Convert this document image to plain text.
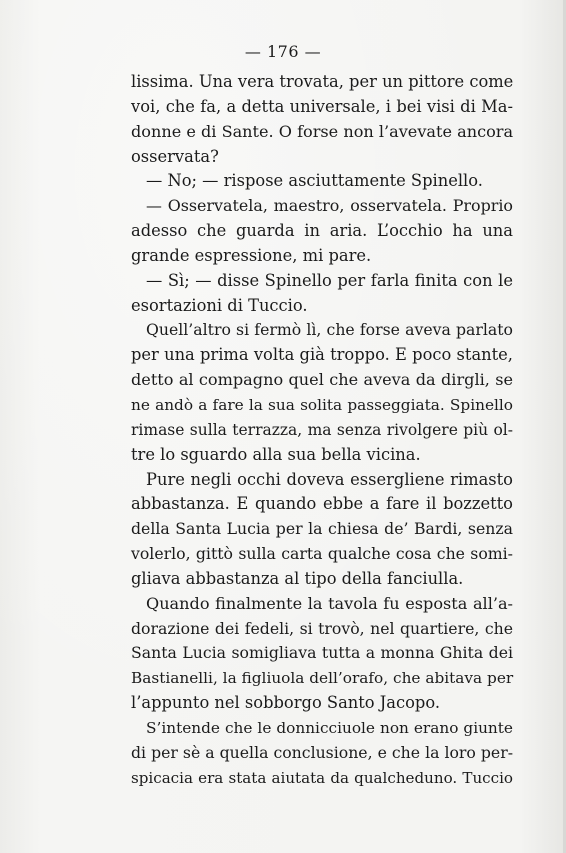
— 176 —
lissima. Una vera trovata, per un pittore come
voi, che fa, a detta universale, i bei visi di Ma-
donne e di Sante. O forse non l’avevate ancora
osservata?
— No; — rispose asciuttamente Spinello.
— Osservatela, maestro, osservatela. Proprio
adesso che guarda in aria. L’occhio ha una
grande espressione, mi pare.
— Sì; — disse Spinello per farla finita con le
esortazioni di Tuccio.
Quell’altro si fermò lì, che forse aveva parlato
per una prima volta già troppo. E poco stante,
detto al compagno quel che aveva da dirgli, se
ne andò a fare la sua solita passeggiata. Spinello
rimase sulla terrazza, ma senza rivolgere più ol-
tre lo sguardo alla sua bella vicina.
Pure negli occhi doveva essergliene rimasto
abbastanza. E quando ebbe a fare il bozzetto
della Santa Lucia per la chiesa de’ Bardi, senza
volerlo, gittò sulla carta qualche cosa che somi-
gliava abbastanza al tipo della fanciulla.
Quando finalmente la tavola fu esposta all’a-
dorazione dei fedeli, si trovò, nel quartiere, che
Santa Lucia somigliava tutta a monna Ghita dei
Bastianelli, la figliuola dell’orafo, che abitava per
l’appunto nel sobborgo Santo Jacopo.
S’intende che le donnicciuole non erano giunte
di per sè a quella conclusione, e che la loro per-
spicacia era stata aiutata da qualcheduno. Tuccio
